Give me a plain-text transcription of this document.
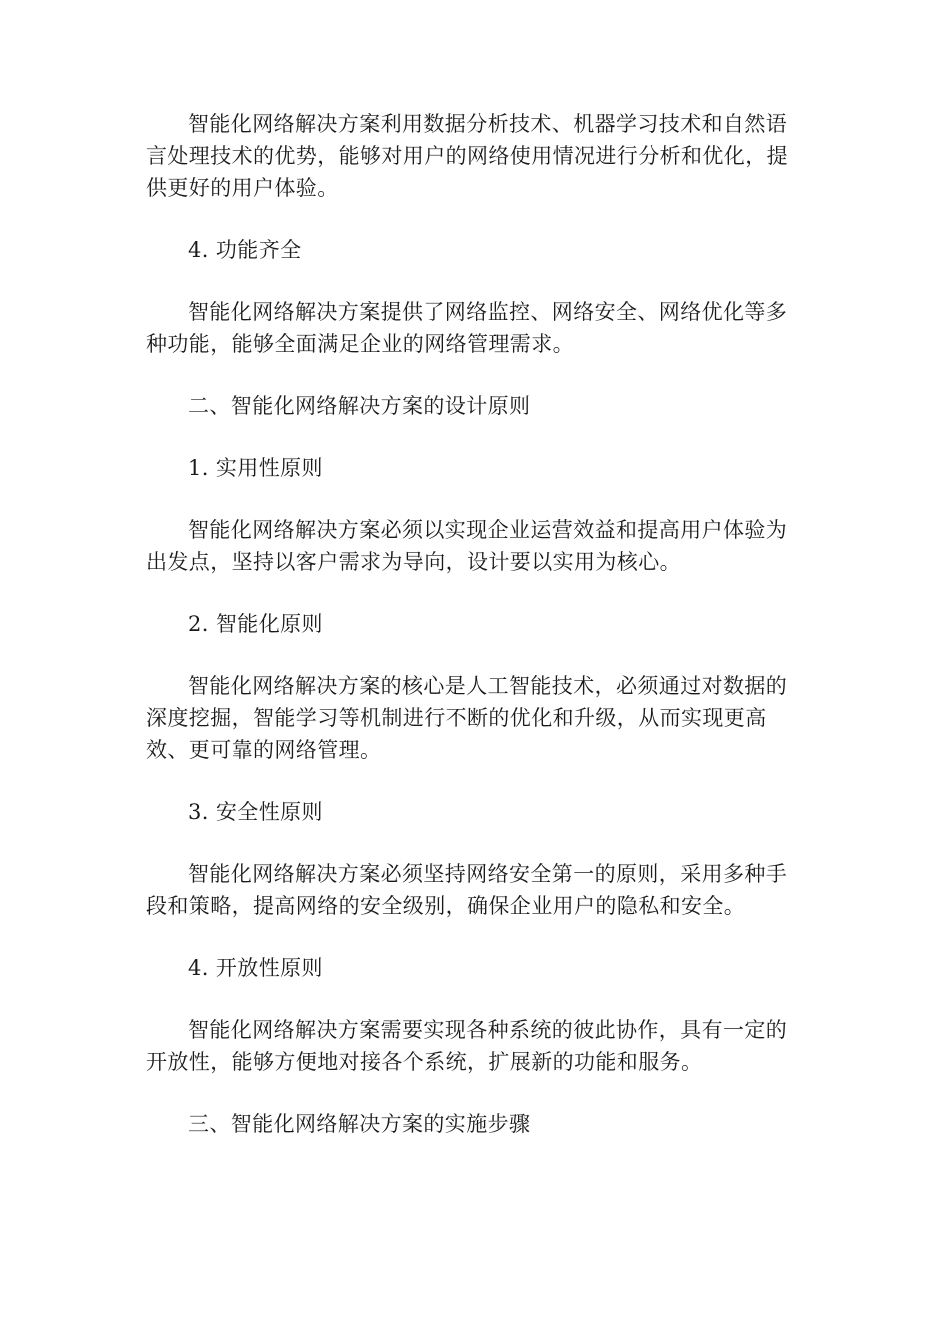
智能化网络解决方案利用数据分析技术、机器学习技术和自然语言处理技术的优势，能够对用户的网络使用情况进行分析和优化，提供更好的用户体验。

4. 功能齐全

智能化网络解决方案提供了网络监控、网络安全、网络优化等多种功能，能够全面满足企业的网络管理需求。

二、智能化网络解决方案的设计原则

1. 实用性原则

智能化网络解决方案必须以实现企业运营效益和提高用户体验为出发点，坚持以客户需求为导向，设计要以实用为核心。

2. 智能化原则

智能化网络解决方案的核心是人工智能技术，必须通过对数据的深度挖掘，智能学习等机制进行不断的优化和升级，从而实现更高效、更可靠的网络管理。

3. 安全性原则

智能化网络解决方案必须坚持网络安全第一的原则，采用多种手段和策略，提高网络的安全级别，确保企业用户的隐私和安全。

4. 开放性原则

智能化网络解决方案需要实现各种系统的彼此协作，具有一定的开放性，能够方便地对接各个系统，扩展新的功能和服务。

三、智能化网络解决方案的实施步骤
